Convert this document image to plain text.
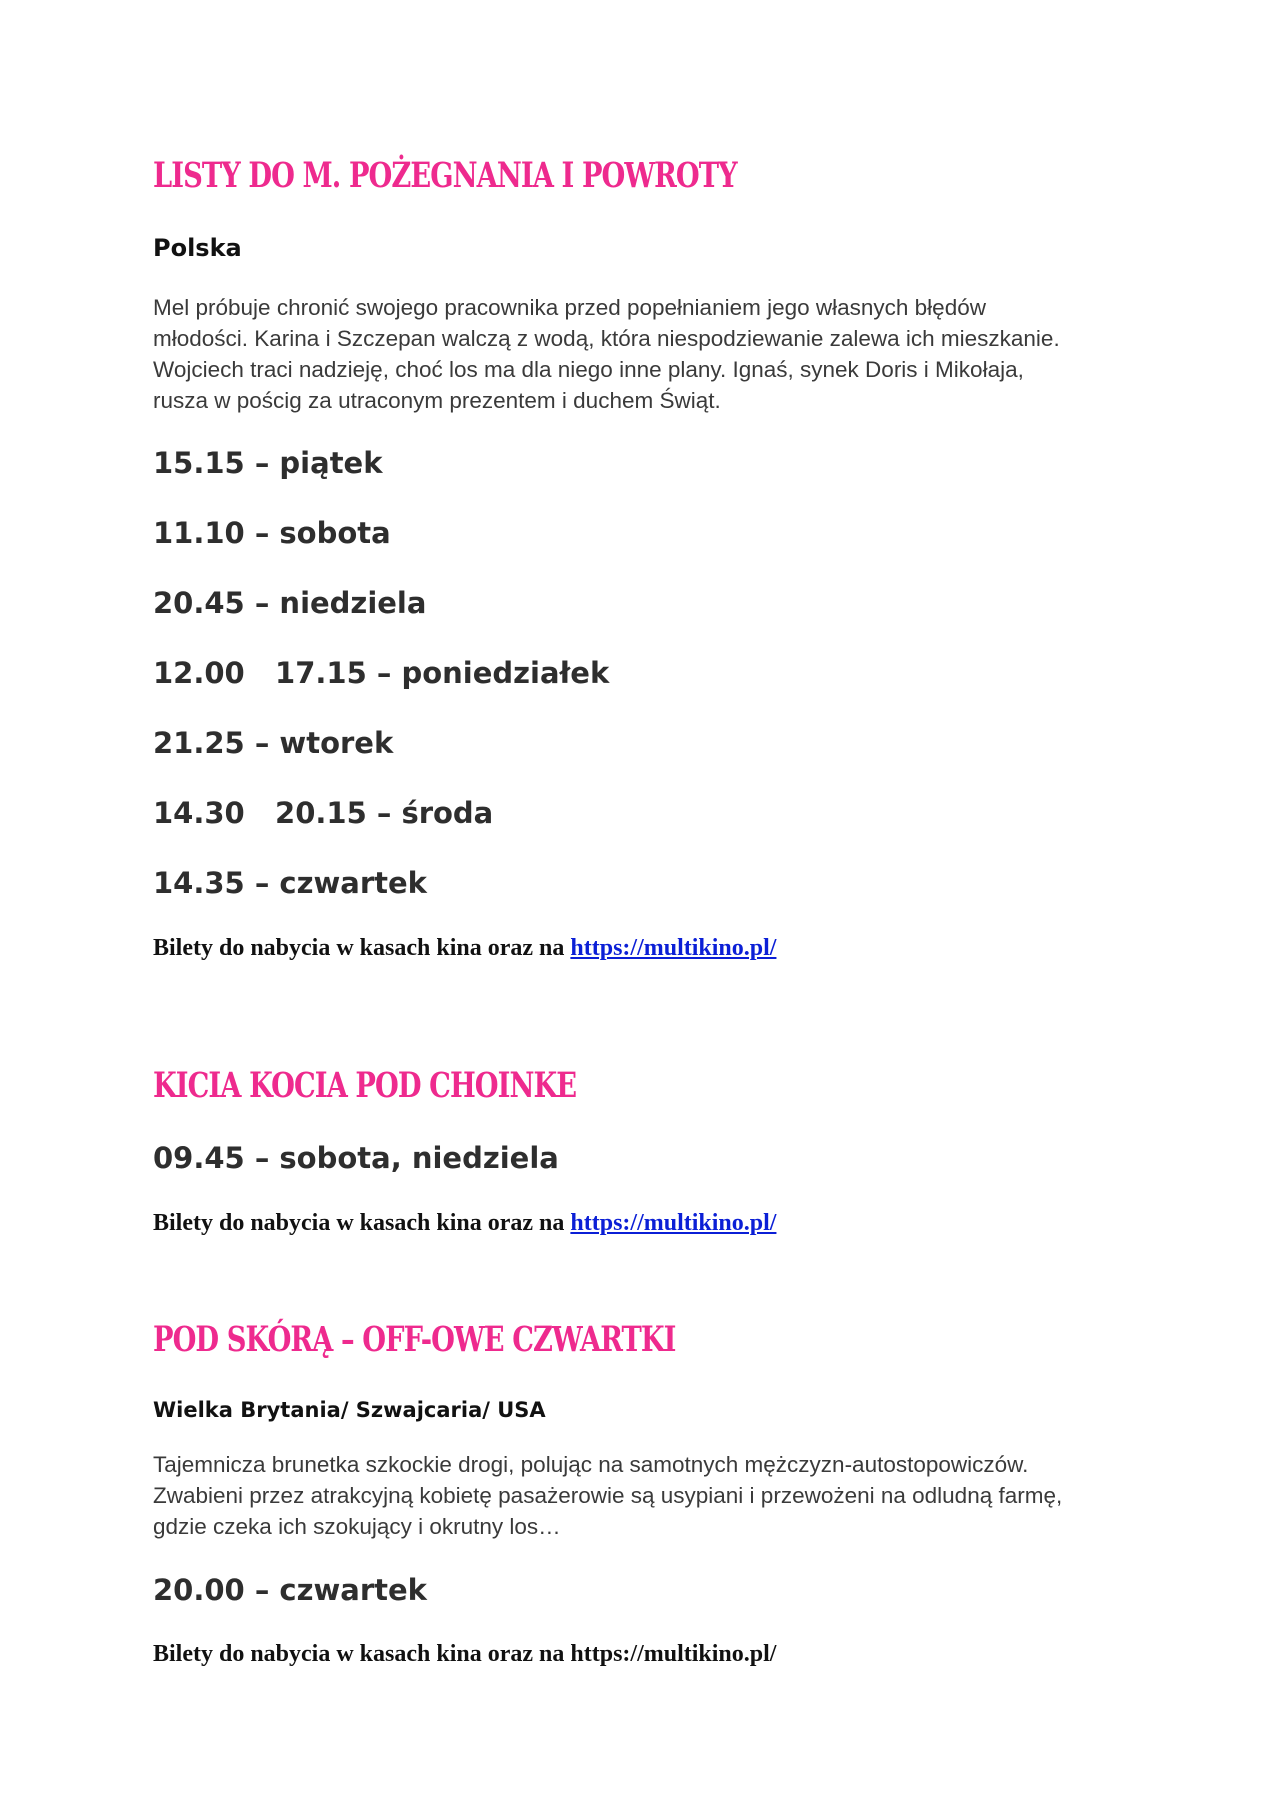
LISTY DO M. POŻEGNANIA I POWROTY
Polska
Mel próbuje chronić swojego pracownika przed popełnianiem jego własnych błędów
młodości. Karina i Szczepan walczą z wodą, która niespodziewanie zalewa ich mieszkanie.
Wojciech traci nadzieję, choć los ma dla niego inne plany. Ignaś, synek Doris i Mikołaja,
rusza w pościg za utraconym prezentem i duchem Świąt.
15.15 – piątek
11.10 – sobota
20.45 – niedziela
12.00   17.15 – poniedziałek
21.25 – wtorek
14.30   20.15 – środa
14.35 – czwartek
Bilety do nabycia w kasach kina oraz na https://multikino.pl/
KICIA KOCIA POD CHOINKE
09.45 – sobota, niedziela
Bilety do nabycia w kasach kina oraz na https://multikino.pl/
POD SKÓRĄ – OFF-OWE CZWARTKI
Wielka Brytania/ Szwajcaria/ USA
Tajemnicza brunetka szkockie drogi, polując na samotnych mężczyzn-autostopowiczów.
Zwabieni przez atrakcyjną kobietę pasażerowie są usypiani i przewożeni na odludną farmę,
gdzie czeka ich szokujący i okrutny los…
20.00 – czwartek
Bilety do nabycia w kasach kina oraz na https://multikino.pl/
